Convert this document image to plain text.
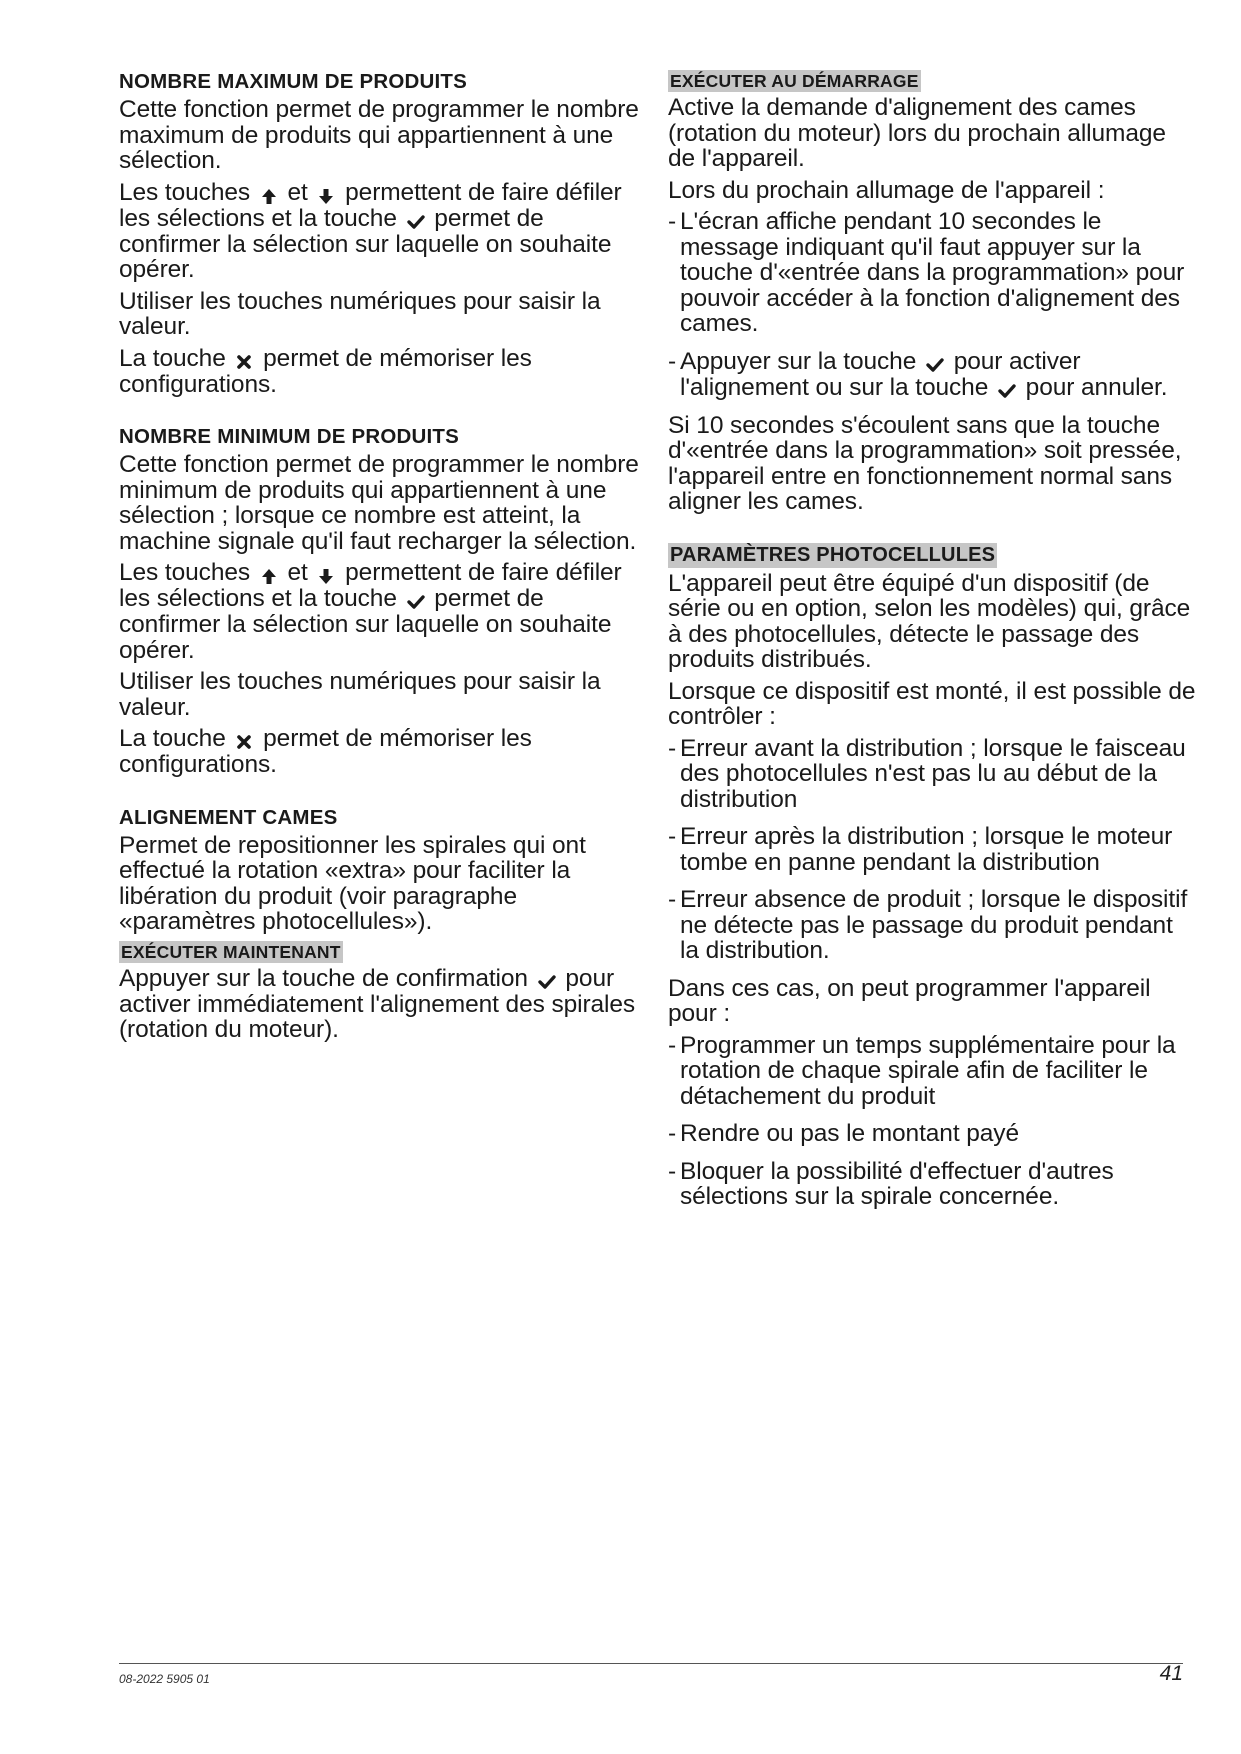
NOMBRE MAXIMUM DE PRODUITS

Cette fonction permet de programmer le nombre maximum de produits qui appartiennent à une sélection.

Les touches et permettent de faire défiler les sélections et la touche permet de confirmer la sélection sur laquelle on souhaite opérer.

Utiliser les touches numériques pour saisir la valeur.

La touche permet de mémoriser les configurations.

NOMBRE MINIMUM DE PRODUITS

Cette fonction permet de programmer le nombre minimum de produits qui appartiennent à une sélection ; lorsque ce nombre est atteint, la machine signale qu'il faut recharger la sélection.

Les touches et permettent de faire défiler les sélections et la touche permet de confirmer la sélection sur laquelle on souhaite opérer.

Utiliser les touches numériques pour saisir la valeur.

La touche permet de mémoriser les configurations.

ALIGNEMENT CAMES

Permet de repositionner les spirales qui ont effectué la rotation «extra» pour faciliter la libération du produit (voir paragraphe «paramètres photocellules»).

EXÉCUTER MAINTENANT

Appuyer sur la touche de confirmation pour activer immédiatement l'alignement des spirales (rotation du moteur).

EXÉCUTER AU DÉMARRAGE

Active la demande d'alignement des cames (rotation du moteur) lors du prochain allumage de l'appareil.

Lors du prochain allumage de l'appareil :

- L'écran affiche pendant 10 secondes le message indiquant qu'il faut appuyer sur la touche d'«entrée dans la programmation» pour pouvoir accéder à la fonction d'alignement des cames.
- Appuyer sur la touche pour activer l'alignement ou sur la touche pour annuler.

Si 10 secondes s'écoulent sans que la touche d'«entrée dans la programmation» soit pressée, l'appareil entre en fonctionnement normal sans aligner les cames.

PARAMÈTRES PHOTOCELLULES

L'appareil peut être équipé d'un dispositif (de série ou en option, selon les modèles) qui, grâce à des photocellules, détecte le passage des produits distribués.

Lorsque ce dispositif est monté, il est possible de contrôler :

- Erreur avant la distribution ; lorsque le faisceau des photocellules n'est pas lu au début de la distribution
- Erreur après la distribution ; lorsque le moteur tombe en panne pendant la distribution
- Erreur absence de produit ; lorsque le dispositif ne détecte pas le passage du produit pendant la distribution.

Dans ces cas, on peut programmer l'appareil pour :

- Programmer un temps supplémentaire pour la rotation de chaque spirale afin de faciliter le détachement du produit
- Rendre ou pas le montant payé
- Bloquer la possibilité d'effectuer d'autres sélections sur la spirale concernée.
08-2022 5905 01	41
